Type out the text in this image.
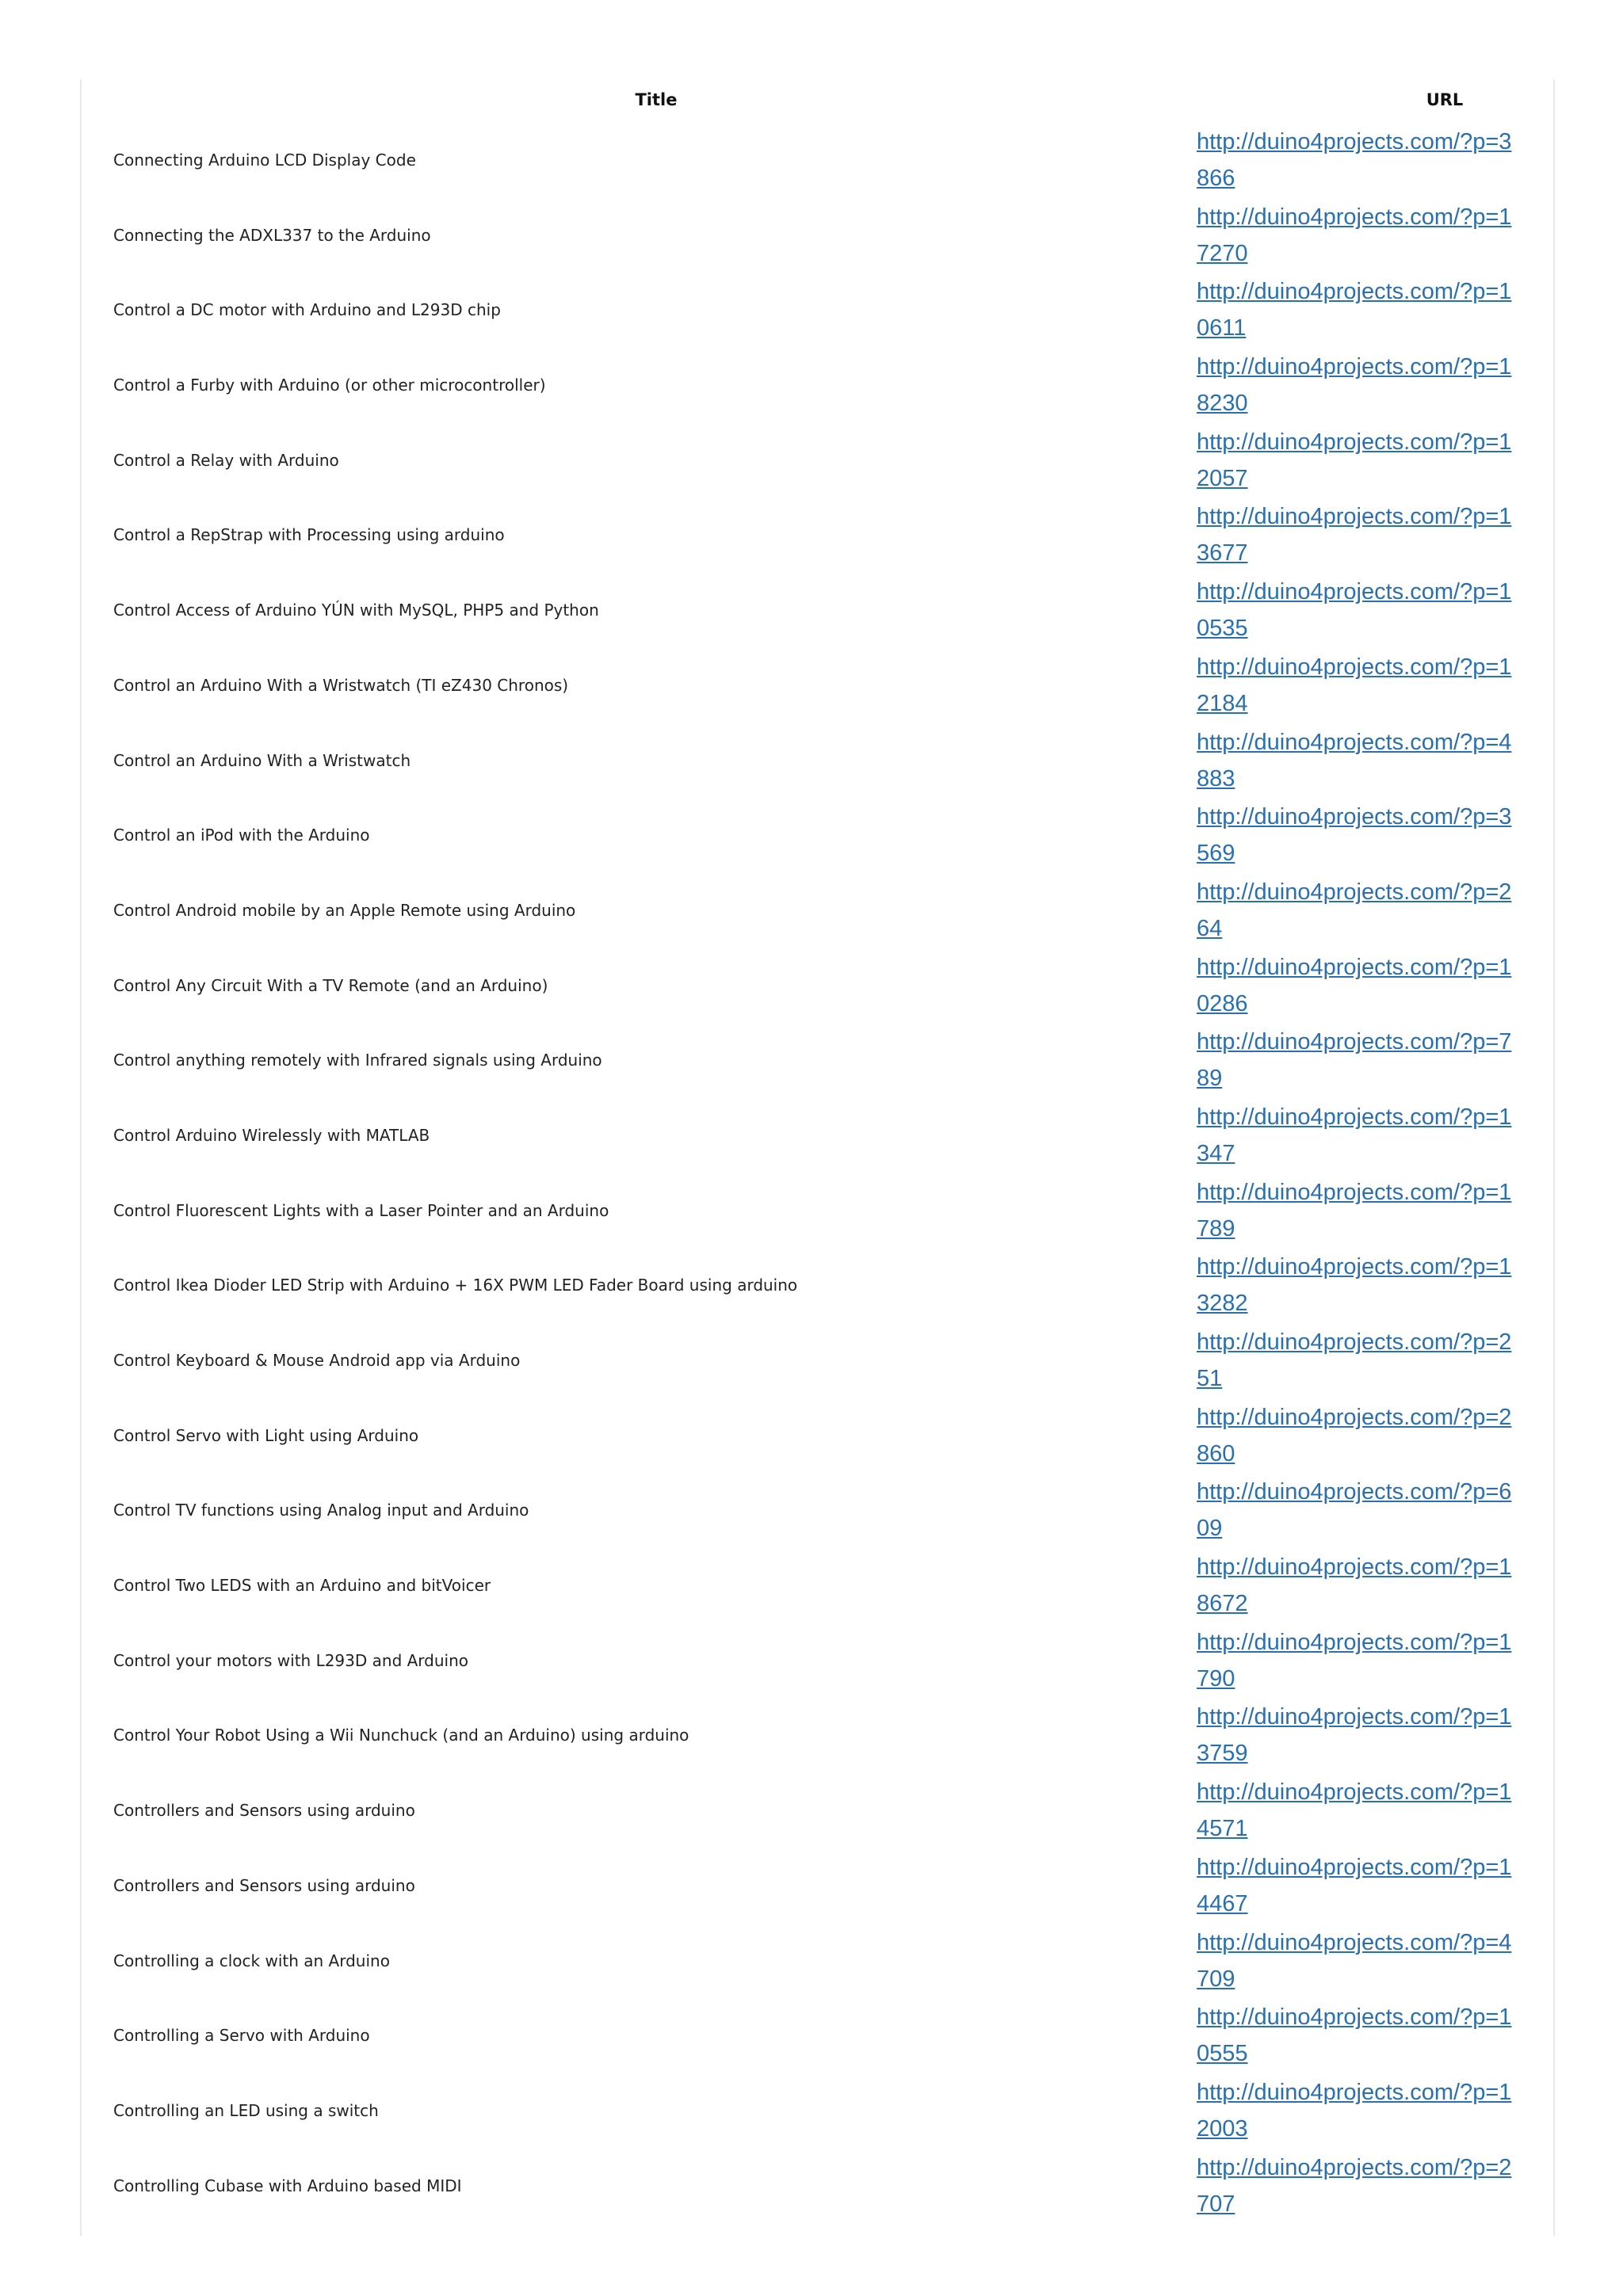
Title	URL
Connecting Arduino LCD Display Code
http://duino4projects.com/?p=3866
Connecting the ADXL337 to the Arduino
http://duino4projects.com/?p=17270
Control a DC motor with Arduino and L293D chip
http://duino4projects.com/?p=10611
Control a Furby with Arduino (or other microcontroller)
http://duino4projects.com/?p=18230
Control a Relay with Arduino
http://duino4projects.com/?p=12057
Control a RepStrap with Processing using arduino
http://duino4projects.com/?p=13677
Control Access of Arduino YÚN with MySQL, PHP5 and Python
http://duino4projects.com/?p=10535
Control an Arduino With a Wristwatch (TI eZ430 Chronos)
http://duino4projects.com/?p=12184
Control an Arduino With a Wristwatch
http://duino4projects.com/?p=4883
Control an iPod with the Arduino
http://duino4projects.com/?p=3569
Control Android mobile by an Apple Remote using Arduino
http://duino4projects.com/?p=264
Control Any Circuit With a TV Remote (and an Arduino)
http://duino4projects.com/?p=10286
Control anything remotely with Infrared signals using Arduino
http://duino4projects.com/?p=789
Control Arduino Wirelessly with MATLAB
http://duino4projects.com/?p=1347
Control Fluorescent Lights with a Laser Pointer and an Arduino
http://duino4projects.com/?p=1789
Control Ikea Dioder LED Strip with Arduino + 16X PWM LED Fader Board using arduino
http://duino4projects.com/?p=13282
Control Keyboard & Mouse Android app via Arduino
http://duino4projects.com/?p=251
Control Servo with Light using Arduino
http://duino4projects.com/?p=2860
Control TV functions using Analog input and Arduino
http://duino4projects.com/?p=609
Control Two LEDS with an Arduino and bitVoicer
http://duino4projects.com/?p=18672
Control your motors with L293D and Arduino
http://duino4projects.com/?p=1790
Control Your Robot Using a Wii Nunchuck (and an Arduino) using arduino
http://duino4projects.com/?p=13759
Controllers and Sensors using arduino
http://duino4projects.com/?p=14571
Controllers and Sensors using arduino
http://duino4projects.com/?p=14467
Controlling a clock with an Arduino
http://duino4projects.com/?p=4709
Controlling a Servo with Arduino
http://duino4projects.com/?p=10555
Controlling an LED using a switch
http://duino4projects.com/?p=12003
Controlling Cubase with Arduino based MIDI
http://duino4projects.com/?p=2707
